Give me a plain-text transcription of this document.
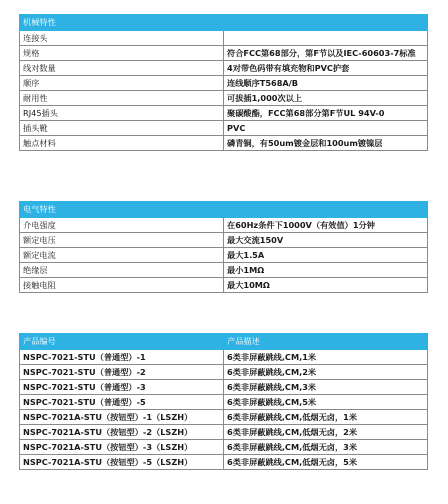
机械特性	
连接头	
规格	符合FCC第68部分，第F节以及IEC-60603-7标准
线对数量	4对带色码带有填充物和PVC护套
顺序	连线顺序T568A/B
耐用性	可拔插1,000次以上
RJ45插头	聚碳酸酯，FCC第68部分第F节UL 94V-0
插头靴	PVC
触点材料	磷青铜，有50um镀金层和100um镀镍层
电气特性	
介电强度	在60Hz条件下1000V（有效值）1分钟
额定电压	最大交流150V
额定电流	最大1.5A
绝缘层	最小1MΩ
接触电阻	最大10MΩ
产品编号	产品描述
NSPC-7021-STU（普通型）-1	6类非屏蔽跳线,CM,1米
NSPC-7021-STU（普通型）-2	6类非屏蔽跳线,CM,2米
NSPC-7021-STU（普通型）-3	6类非屏蔽跳线,CM,3米
NSPC-7021-STU（普通型）-5	6类非屏蔽跳线,CM,5米
NSPC-7021A-STU（按钮型）-1（LSZH）	6类非屏蔽跳线,CM,低烟无卤，1米
NSPC-7021A-STU（按钮型）-2（LSZH）	6类非屏蔽跳线,CM,低烟无卤，2米
NSPC-7021A-STU（按钮型）-3（LSZH）	6类非屏蔽跳线,CM,低烟无卤，3米
NSPC-7021A-STU（按钮型）-5（LSZH）	6类非屏蔽跳线,CM,低烟无卤，5米
